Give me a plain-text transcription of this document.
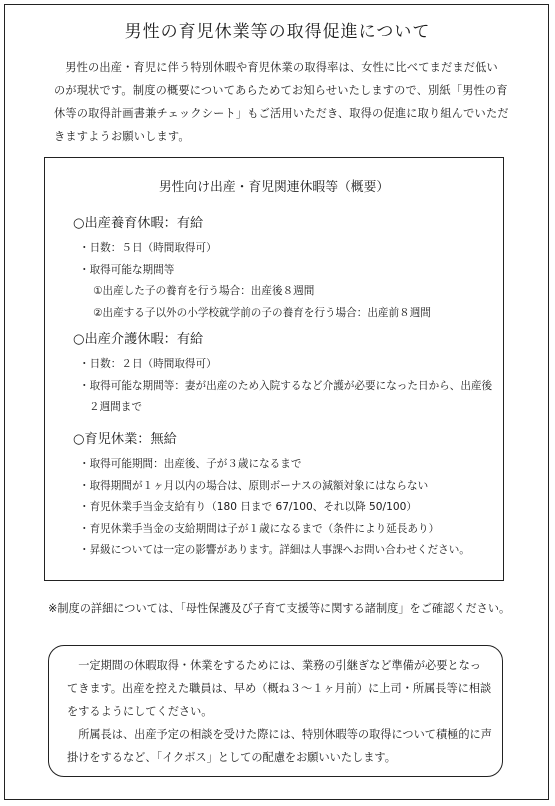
男性の育児休業等の取得促進について

男性の出産・育児に伴う特別休暇や育児休業の取得率は、女性に比べてまだまだ低いのが現状です。制度の概要についてあらためてお知らせいたしますので、別紙「男性の育休等の取得計画書兼チェックシート」もご活用いただき、取得の促進に取り組んでいただきますようお願いします。

男性向け出産・育児関連休暇等（概要）
○出産養育休暇：有給
・日数：５日（時間取得可）
・取得可能な期間等
①出産した子の養育を行う場合：出産後８週間
②出産する子以外の小学校就学前の子の養育を行う場合：出産前８週間
○出産介護休暇：有給
・日数：２日（時間取得可）
・取得可能な期間等：妻が出産のため入院するなど介護が必要になった日から、出産後２週間まで
○育児休業：無給
・取得可能期間：出産後、子が３歳になるまで
・取得期間が１ヶ月以内の場合は、原則ボーナスの減額対象にはならない
・育児休業手当金支給有り（180 日まで 67/100、それ以降 50/100）
・育児休業手当金の支給期間は子が１歳になるまで（条件により延長あり）
・昇級については一定の影響があります。詳細は人事課へお問い合わせください。
※制度の詳細については、「母性保護及び子育て支援等に関する諸制度」をご確認ください。

一定期間の休暇取得・休業をするためには、業務の引継ぎなど準備が必要となってきます。出産を控えた職員は、早め（概ね３～１ヶ月前）に上司・所属長等に相談をするようにしてください。

所属長は、出産予定の相談を受けた際には、特別休暇等の取得について積極的に声掛けをするなど、「イクボス」としての配慮をお願いいたします。
